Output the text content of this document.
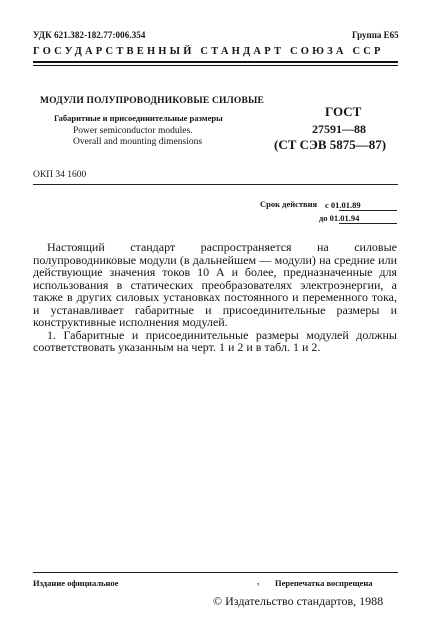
УДК 621.382-182.77:006.354	Группа Е65
ГОСУДАРСТВЕННЫЙ СТАНДАРТ СОЮЗА ССР
МОДУЛИ ПОЛУПРОВОДНИКОВЫЕ СИЛОВЫЕ
Габаритные и присоединительные размеры
Power semiconductor modules.
Overall and mounting dimensions
ГОСТ
27591—88
(СТ СЭВ 5875—87)
ОКП 34 1600
Срок действия с 01.01.89
до 01.01.94

Настоящий стандарт распространяется на силовые полупроводниковые модули (в дальнейшем — модули) на средние или действующие значения токов 10 А и более, предназначенные для использования в статических преобразователях электроэнергии, а также в других силовых установках постоянного и переменного тока, и устанавливает габаритные и присоединительные размеры и конструктивные исполнения модулей.

1. Габаритные и присоединительные размеры модулей должны соответствовать указанным на черт. 1 и 2 и в табл. 1 и 2.

Издание официальное	, Перепечатка воспрещена
© Издательство стандартов, 1988
